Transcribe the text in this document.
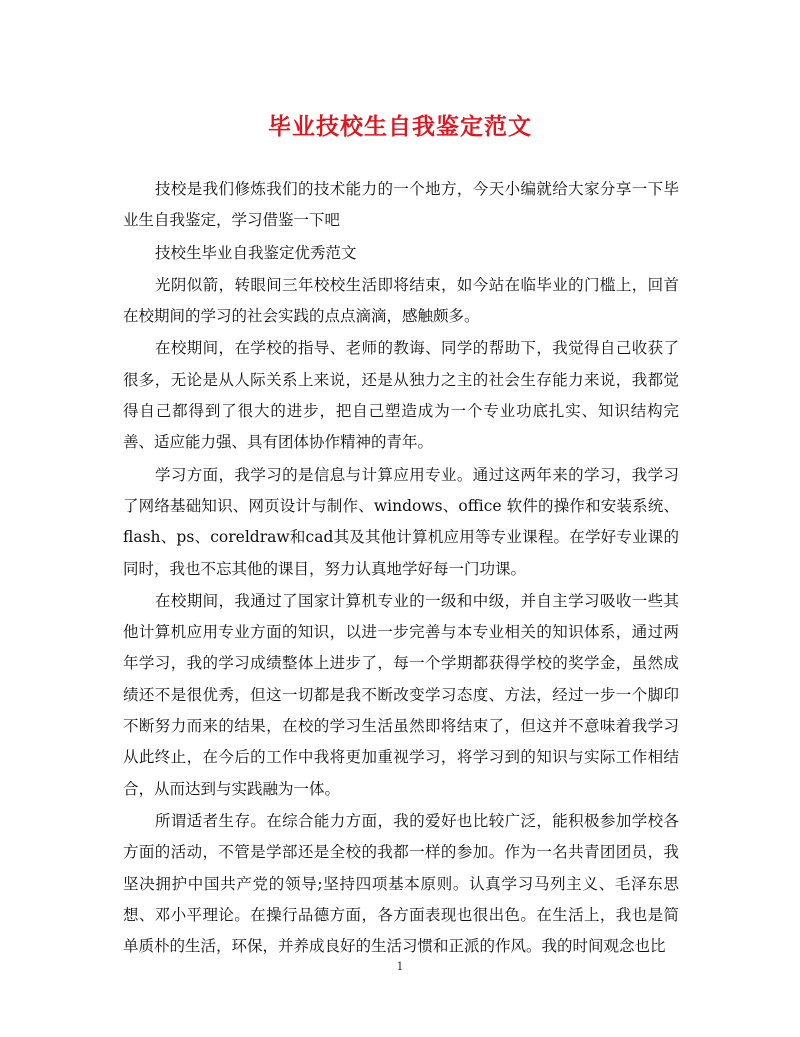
毕业技校生自我鉴定范文

技校是我们修炼我们的技术能力的一个地方，今天小编就给大家分享一下毕业生自我鉴定，学习借鉴一下吧

技校生毕业自我鉴定优秀范文

光阴似箭，转眼间三年校校生活即将结束，如今站在临毕业的门槛上，回首在校期间的学习的社会实践的点点滴滴，感触颇多。

在校期间，在学校的指导、老师的教诲、同学的帮助下，我觉得自己收获了很多，无论是从人际关系上来说，还是从独力之主的社会生存能力来说，我都觉得自己都得到了很大的进步，把自己塑造成为一个专业功底扎实、知识结构完善、适应能力强、具有团体协作精神的青年。

学习方面，我学习的是信息与计算应用专业。通过这两年来的学习，我学习了网络基础知识、网页设计与制作、windows、office 软件的操作和安装系统、flash、ps、coreldraw和cad其及其他计算机应用等专业课程。在学好专业课的同时，我也不忘其他的课目，努力认真地学好每一门功课。

在校期间，我通过了国家计算机专业的一级和中级，并自主学习吸收一些其他计算机应用专业方面的知识，以进一步完善与本专业相关的知识体系，通过两年学习，我的学习成绩整体上进步了，每一个学期都获得学校的奖学金，虽然成绩还不是很优秀，但这一切都是我不断改变学习态度、方法，经过一步一个脚印不断努力而来的结果，在校的学习生活虽然即将结束了，但这并不意味着我学习从此终止，在今后的工作中我将更加重视学习，将学习到的知识与实际工作相结合，从而达到与实践融为一体。

所谓适者生存。在综合能力方面，我的爱好也比较广泛，能积极参加学校各方面的活动，不管是学部还是全校的我都一样的参加。作为一名共青团团员，我坚决拥护中国共产党的领导;坚持四项基本原则。认真学习马列主义、毛泽东思想、邓小平理论。在操行品德方面，各方面表现也很出色。在生活上，我也是简单质朴的生活，环保，并养成良好的生活习惯和正派的作风。我的时间观念也比

1
